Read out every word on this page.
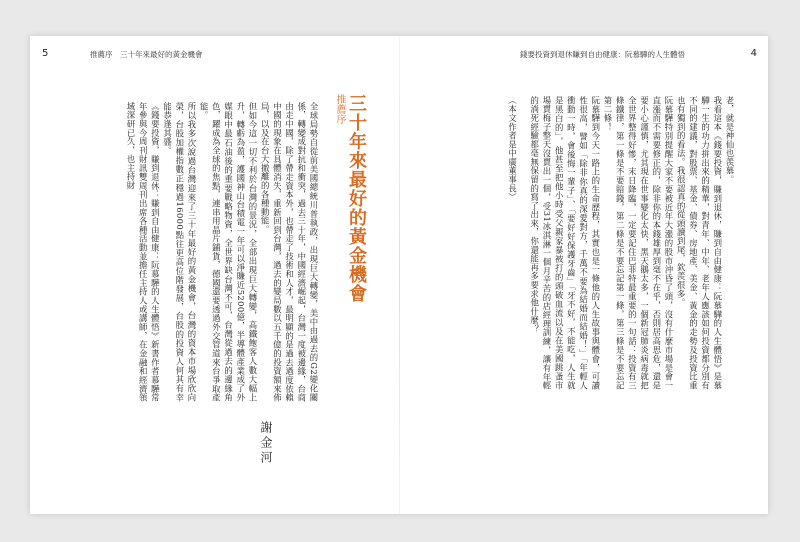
5	推薦序　三十年來最好的黃金機會

全球局勢自從前美國總統川普執政，出現巨大轉變，美中由過去的G2變化關係，轉變成對抗和衝突，過去三十年，中國經濟崛起，台灣一度被邊緣，台商由走中國，除了帶走資本外，也帶走了技術和人才，最明顯的是過去過度依賴中國的現象在具體消失，重新回到台灣，過去的變局數以五千億的投資額來佈局，以及在台大撤離的各種動能。

但如今這一切不利於台灣的景況，全部出現巨大轉變，高鐵飽客人數大幅上升，轉虧為盈，護國神山台積電一年可以淨賺近5200億，半導體產業成了外媒眼中最石油後的重要戰略物資，全世界缺台灣不可，台灣從過去的邊緣角色，躍成為全球的焦點，連串用晶片鋪貨，德國還要透過外交管道來台爭取產能。

所以我多次說過台灣迎來了三十年最好的黃金機會，台灣的資本市場欣欣向榮，台股加權指數正穩過16000點往更高位階發展，台股的投資人何其有幸能恭逢其盛。

《錢要投資，賺到退休：賺到自由健康：阮慕驊的人生體悟》新書作者慕驊常年參與今周刊財訊雙周刊出席各種活動並擔任主持人或講師，在金融和經濟領域深研已久，也主持財	推薦序 三十年來最好的黃金機會
謝金河
4
錢要投資到退休賺到自由健康：阮慕驊的人生體悟

老，就是神仙也羡慕。

我看這本《錢要投資，賺到退休，賺到自由健康：阮慕驊的人生體悟》是慕驊一生的功力拼出來的精華，對青年、中年、老年人應該如何投資都分別有不同的建議，對股票、基金、債券、房地產、美金、黃金的走勢及投資比重也有獨到的看法。我很認真的從頭讀到尾，欽羨很多。

阮慕驊特別提醒大家不要被近年大漲的股市沖昏了頭，沒有什麼市場是會一直漲而不需要修正的，除非你的本錢雄厚到毫不在乎，否則居高思危，還是要小心謹慎，尤其現在世事變化太快，黑天鵝太多，一個新冠肺炎病毒就把全世界整得好慘，末日降臨，一定要記住巴菲特最重要的一句話：投資有三條鐵律，第一條是不要賠錢，第二條是不要忘記第一條，第三條是不要忘記第二條！

阮慕驊到今天一路上的生命歷程，其實也是一條他的人生故事與體會，可讀性很高，譬如「除非你真的深愛對方，千萬不要為結婚而結婚！」「年輕人衝動一時，會後悔一輩子」、「要好好保護牙齒」「牙不好，不能吃，人生就是黑白的」，他甚至把他小時受父親家暴被打的頭破血流以及在美國跳蚤市場賣梅子整天沒賣出一個，受31冰淇淋一個月辛苦的店經理訓練，讓有年輕的淌死經驗都毫無保留的寫了出來，你還能再多要求他什麼？

（本文作者是中廣董事長）
